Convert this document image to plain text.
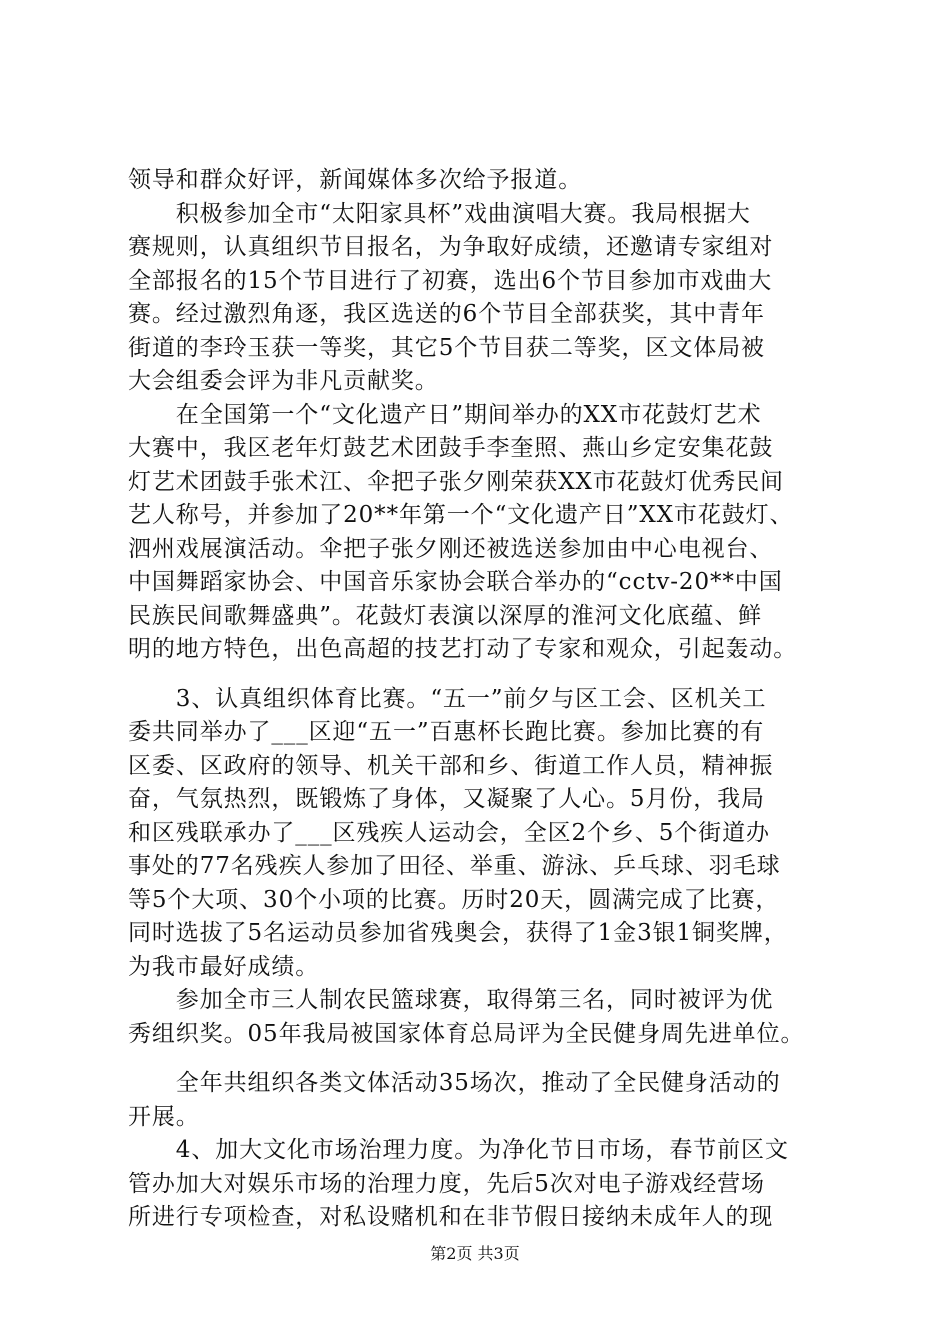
领导和群众好评，新闻媒体多次给予报道。
　　积极参加全市“太阳家具杯”戏曲演唱大赛。我局根据大
赛规则，认真组织节目报名，为争取好成绩，还邀请专家组对
全部报名的15个节目进行了初赛，选出6个节目参加市戏曲大
赛。经过激烈角逐，我区选送的6个节目全部获奖，其中青年
街道的李玲玉获一等奖，其它5个节目获二等奖，区文体局被
大会组委会评为非凡贡献奖。
　　在全国第一个“文化遗产日”期间举办的XX市花鼓灯艺术
大赛中，我区老年灯鼓艺术团鼓手李奎照、燕山乡定安集花鼓
灯艺术团鼓手张术江、伞把子张夕刚荣获XX市花鼓灯优秀民间
艺人称号，并参加了20**年第一个“文化遗产日”XX市花鼓灯、
泗州戏展演活动。伞把子张夕刚还被选送参加由中心电视台、
中国舞蹈家协会、中国音乐家协会联合举办的“cctv-20**中国
民族民间歌舞盛典”。花鼓灯表演以深厚的淮河文化底蕴、鲜
明的地方特色，出色高超的技艺打动了专家和观众，引起轰动。
　　3、认真组织体育比赛。“五一”前夕与区工会、区机关工
委共同举办了___区迎“五一”百惠杯长跑比赛。参加比赛的有
区委、区政府的领导、机关干部和乡、街道工作人员，精神振
奋，气氛热烈，既锻炼了身体，又凝聚了人心。5月份，我局
和区残联承办了___区残疾人运动会，全区2个乡、5个街道办
事处的77名残疾人参加了田径、举重、游泳、乒乓球、羽毛球
等5个大项、30个小项的比赛。历时20天，圆满完成了比赛，
同时选拔了5名运动员参加省残奥会，获得了1金3银1铜奖牌，
为我市最好成绩。
　　参加全市三人制农民篮球赛，取得第三名，同时被评为优
秀组织奖。05年我局被国家体育总局评为全民健身周先进单位。
　　全年共组织各类文体活动35场次，推动了全民健身活动的
开展。
　　4、加大文化市场治理力度。为净化节日市场，春节前区文
管办加大对娱乐市场的治理力度，先后5次对电子游戏经营场
所进行专项检查，对私设赌机和在非节假日接纳未成年人的现
第2页 共3页
